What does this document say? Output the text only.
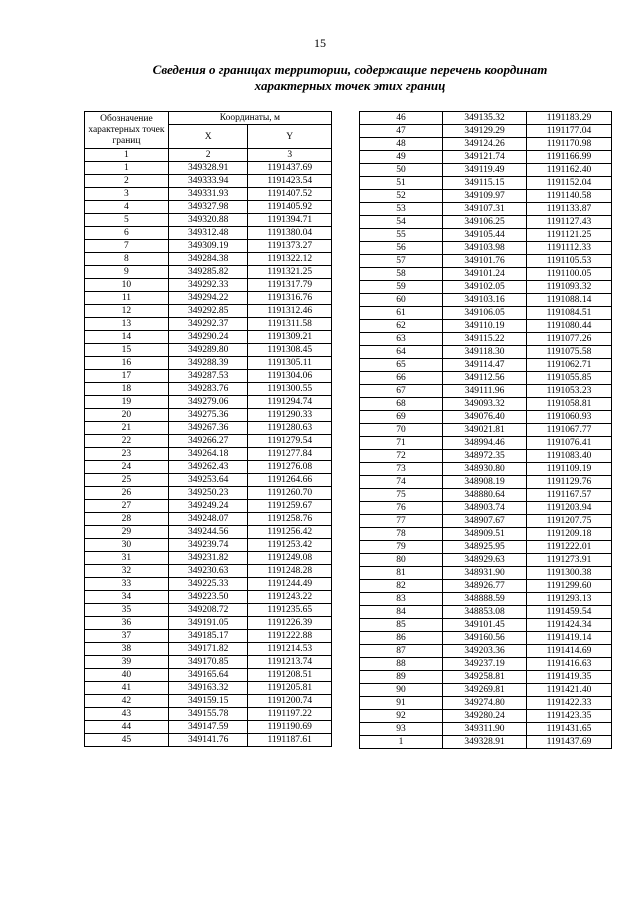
15
Сведения о границах территории, содержащие перечень координат
характерных точек этих границ
Обозначение характерных точек границ	Координаты, м	
	X	Y
1	2	3
1	349328.91	1191437.69
2	349333.94	1191423.54
3	349331.93	1191407.52
4	349327.98	1191405.92
5	349320.88	1191394.71
6	349312.48	1191380.04
7	349309.19	1191373.27
8	349284.38	1191322.12
9	349285.82	1191321.25
10	349292.33	1191317.79
11	349294.22	1191316.76
12	349292.85	1191312.46
13	349292.37	1191311.58
14	349290.24	1191309.21
15	349289.80	1191308.45
16	349288.39	1191305.11
17	349287.53	1191304.06
18	349283.76	1191300.55
19	349279.06	1191294.74
20	349275.36	1191290.33
21	349267.36	1191280.63
22	349266.27	1191279.54
23	349264.18	1191277.84
24	349262.43	1191276.08
25	349253.64	1191264.66
26	349250.23	1191260.70
27	349249.24	1191259.67
28	349248.07	1191258.76
29	349244.56	1191256.42
30	349239.74	1191253.42
31	349231.82	1191249.08
32	349230.63	1191248.28
33	349225.33	1191244.49
34	349223.50	1191243.22
35	349208.72	1191235.65
36	349191.05	1191226.39
37	349185.17	1191222.88
38	349171.82	1191214.53
39	349170.85	1191213.74
40	349165.64	1191208.51
41	349163.32	1191205.81
42	349159.15	1191200.74
43	349155.78	1191197.22
44	349147.59	1191190.69
45	349141.76	1191187.61
46	349135.32	1191183.29
47	349129.29	1191177.04
48	349124.26	1191170.98
49	349121.74	1191166.99
50	349119.49	1191162.40
51	349115.15	1191152.04
52	349109.97	1191140.58
53	349107.31	1191133.87
54	349106.25	1191127.43
55	349105.44	1191121.25
56	349103.98	1191112.33
57	349101.76	1191105.53
58	349101.24	1191100.05
59	349102.05	1191093.32
60	349103.16	1191088.14
61	349106.05	1191084.51
62	349110.19	1191080.44
63	349115.22	1191077.26
64	349118.30	1191075.58
65	349114.47	1191062.71
66	349112.56	1191055.85
67	349111.96	1191053.23
68	349093.32	1191058.81
69	349076.40	1191060.93
70	349021.81	1191067.77
71	348994.46	1191076.41
72	348972.35	1191083.40
73	348930.80	1191109.19
74	348908.19	1191129.76
75	348880.64	1191167.57
76	348903.74	1191203.94
77	348907.67	1191207.75
78	348909.51	1191209.18
79	348925.95	1191222.01
80	348929.63	1191273.91
81	348931.90	1191300.38
82	348926.77	1191299.60
83	348888.59	1191293.13
84	348853.08	1191459.54
85	349101.45	1191424.34
86	349160.56	1191419.14
87	349203.36	1191414.69
88	349237.19	1191416.63
89	349258.81	1191419.35
90	349269.81	1191421.40
91	349274.80	1191422.33
92	349280.24	1191423.35
93	349311.90	1191431.65
1	349328.91	1191437.69
